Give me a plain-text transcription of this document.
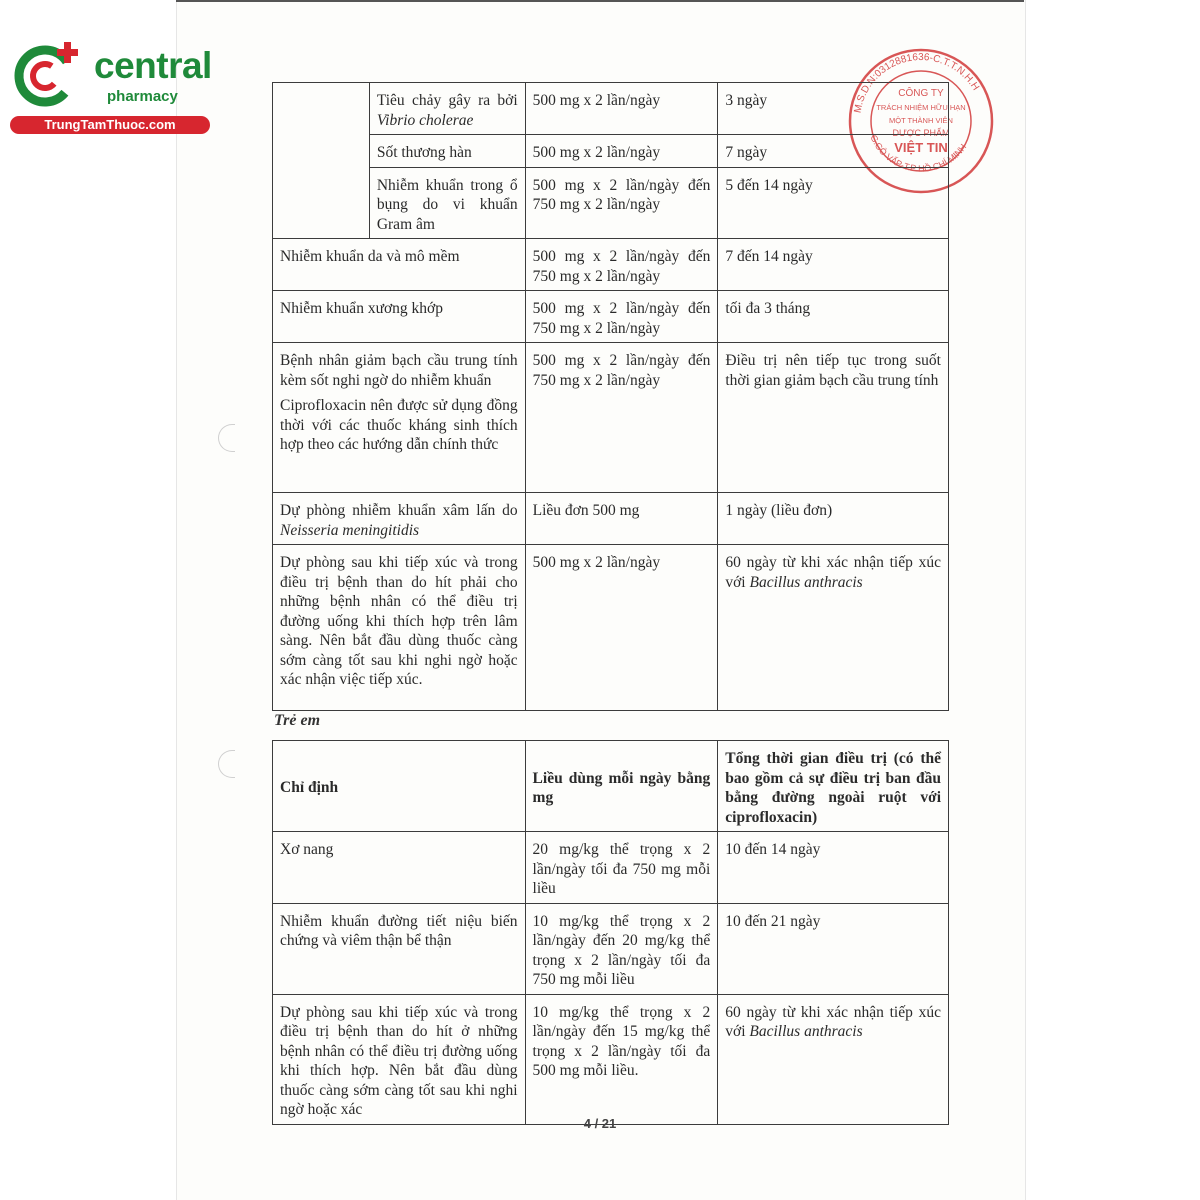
central
pharmacy
TrungTamThuoc.com
M.S.D.N:0312881636-C.T.T.N.H.H
G.GÒ VẤP-T.P HỒ CHÍ MINH
CÔNG TY
TRÁCH NHIỆM HỮU HẠN
MỘT THÀNH VIÊN
DƯỢC PHẨM
VIỆT TIN
	Tiêu chảy gây ra bởi Vibrio cholerae	500 mg x 2 lần/ngày	3 ngày
	Sốt thương hàn	500 mg x 2 lần/ngày	7 ngày
	Nhiễm khuẩn trong ổ bụng do vi khuẩn Gram âm	500 mg x 2 lần/ngày đến 750 mg x 2 lần/ngày	5 đến 14 ngày
Nhiễm khuẩn da và mô mềm		500 mg x 2 lần/ngày đến 750 mg x 2 lần/ngày	7 đến 14 ngày
Nhiễm khuẩn xương khớp		500 mg x 2 lần/ngày đến 750 mg x 2 lần/ngày	tối đa 3 tháng

Bệnh nhân giảm bạch cầu trung tính kèm sốt nghi ngờ do nhiễm khuẩn

Ciprofloxacin nên được sử dụng đồng thời với các thuốc kháng sinh thích hợp theo các hướng dẫn chính thức		500 mg x 2 lần/ngày đến 750 mg x 2 lần/ngày	Điều trị nên tiếp tục trong suốt thời gian giảm bạch cầu trung tính
Dự phòng nhiễm khuẩn xâm lấn do Neisseria meningitidis		Liều đơn 500 mg	1 ngày (liều đơn)
Dự phòng sau khi tiếp xúc và trong điều trị bệnh than do hít phải cho những bệnh nhân có thể điều trị đường uống khi thích hợp trên lâm sàng. Nên bắt đầu dùng thuốc càng sớm càng tốt sau khi nghi ngờ hoặc xác nhận việc tiếp xúc.		500 mg x 2 lần/ngày	60 ngày từ khi xác nhận tiếp xúc với Bacillus anthracis
Trẻ em
Chỉ định	Liều dùng mỗi ngày bằng mg	Tổng thời gian điều trị (có thể bao gồm cả sự điều trị ban đầu bằng đường ngoài ruột với ciprofloxacin)
Xơ nang	20 mg/kg thể trọng x 2 lần/ngày tối đa 750 mg mỗi liều	10 đến 14 ngày
Nhiễm khuẩn đường tiết niệu biến chứng và viêm thận bể thận	10 mg/kg thể trọng x 2 lần/ngày đến 20 mg/kg thể trọng x 2 lần/ngày tối đa 750 mg mỗi liều	10 đến 21 ngày
Dự phòng sau khi tiếp xúc và trong điều trị bệnh than do hít ở những bệnh nhân có thể điều trị đường uống khi thích hợp. Nên bắt đầu dùng thuốc càng sớm càng tốt sau khi nghi ngờ hoặc xác	10 mg/kg thể trọng x 2 lần/ngày đến 15 mg/kg thể trọng x 2 lần/ngày tối đa 500 mg mỗi liều.	60 ngày từ khi xác nhận tiếp xúc với Bacillus anthracis
4 / 21
